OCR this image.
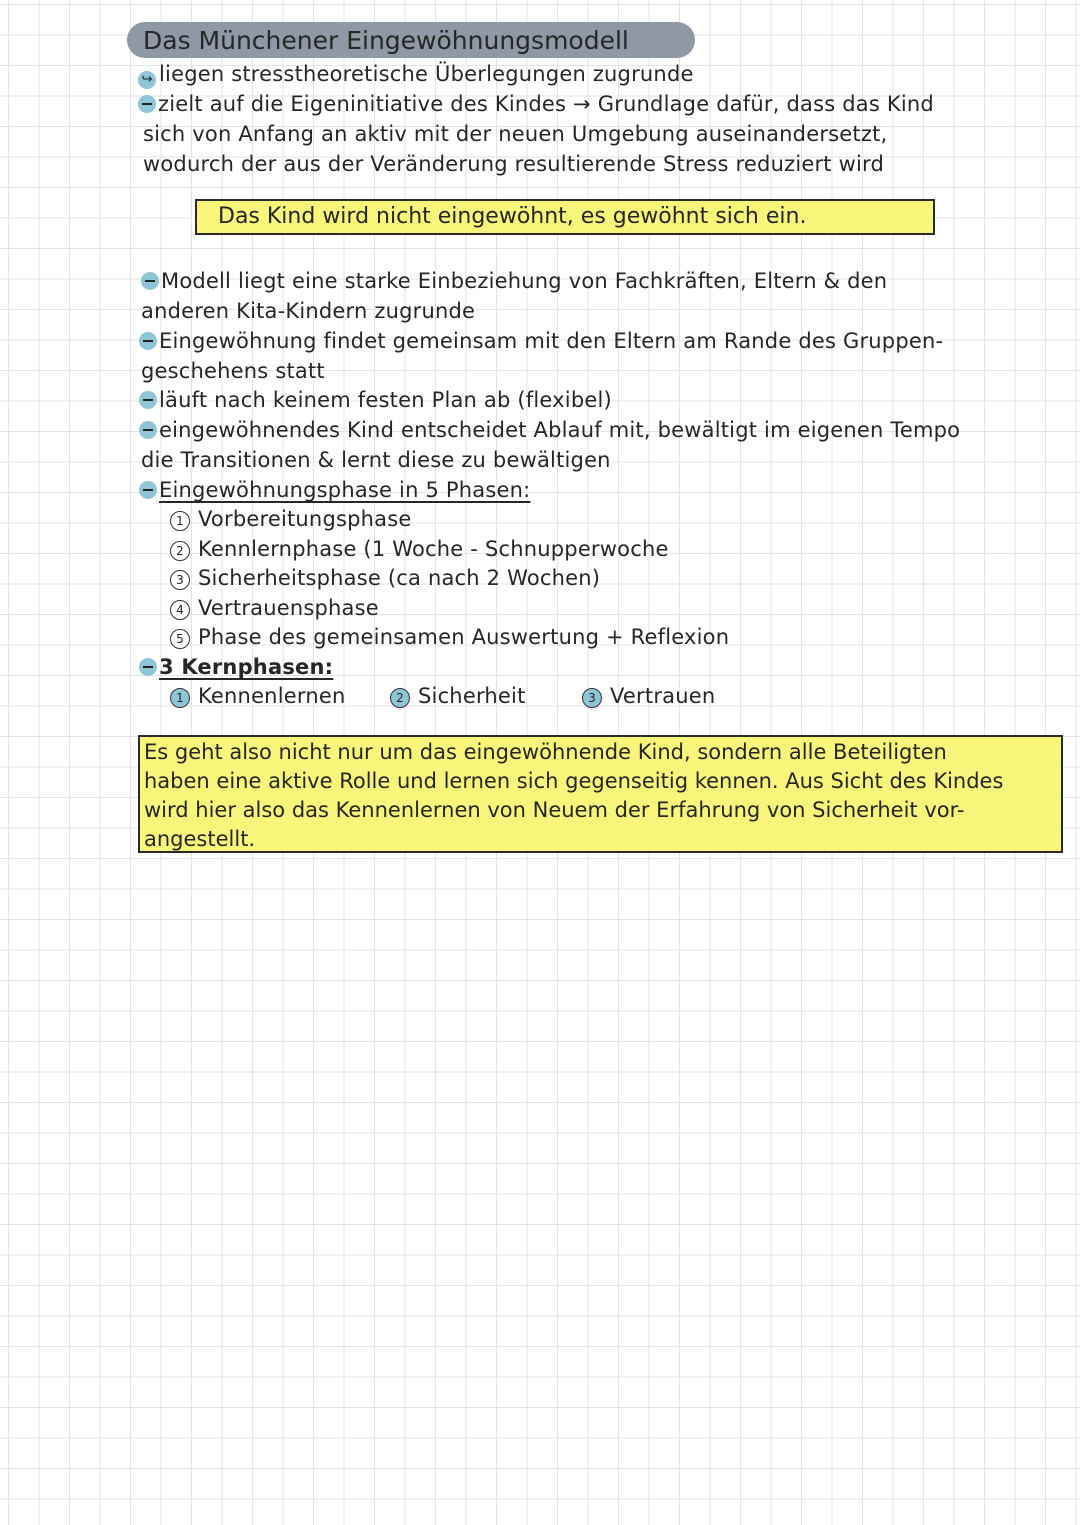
Das Münchener Eingewöhnungsmodell
↪ liegen stresstheoretische Überlegungen zugrunde
zielt auf die Eigeninitiative des Kindes → Grundlage dafür, dass das Kind
sich von Anfang an aktiv mit der neuen Umgebung auseinandersetzt,
wodurch der aus der Veränderung resultierende Stress reduziert wird
Das Kind wird nicht eingewöhnt, es gewöhnt sich ein.
Modell liegt eine starke Einbeziehung von Fachkräften, Eltern & den
anderen Kita-Kindern zugrunde
Eingewöhnung findet gemeinsam mit den Eltern am Rande des Gruppen-
geschehens statt
läuft nach keinem festen Plan ab (flexibel)
eingewöhnendes Kind entscheidet Ablauf mit, bewältigt im eigenen Tempo
die Transitionen & lernt diese zu bewältigen
Eingewöhnungsphase in 5 Phasen:
1 Vorbereitungsphase
2 Kennlernphase (1 Woche - Schnupperwoche
3 Sicherheitsphase (ca nach 2 Wochen)
4 Vertrauensphase
5 Phase des gemeinsamen Auswertung + Reflexion
3 Kernphasen:
1 Kennenlernen	2 Sicherheit	3 Vertrauen
Es geht also nicht nur um das eingewöhnende Kind, sondern alle Beteiligten
haben eine aktive Rolle und lernen sich gegenseitig kennen. Aus Sicht des Kindes
wird hier also das Kennenlernen von Neuem der Erfahrung von Sicherheit vor-
angestellt.
